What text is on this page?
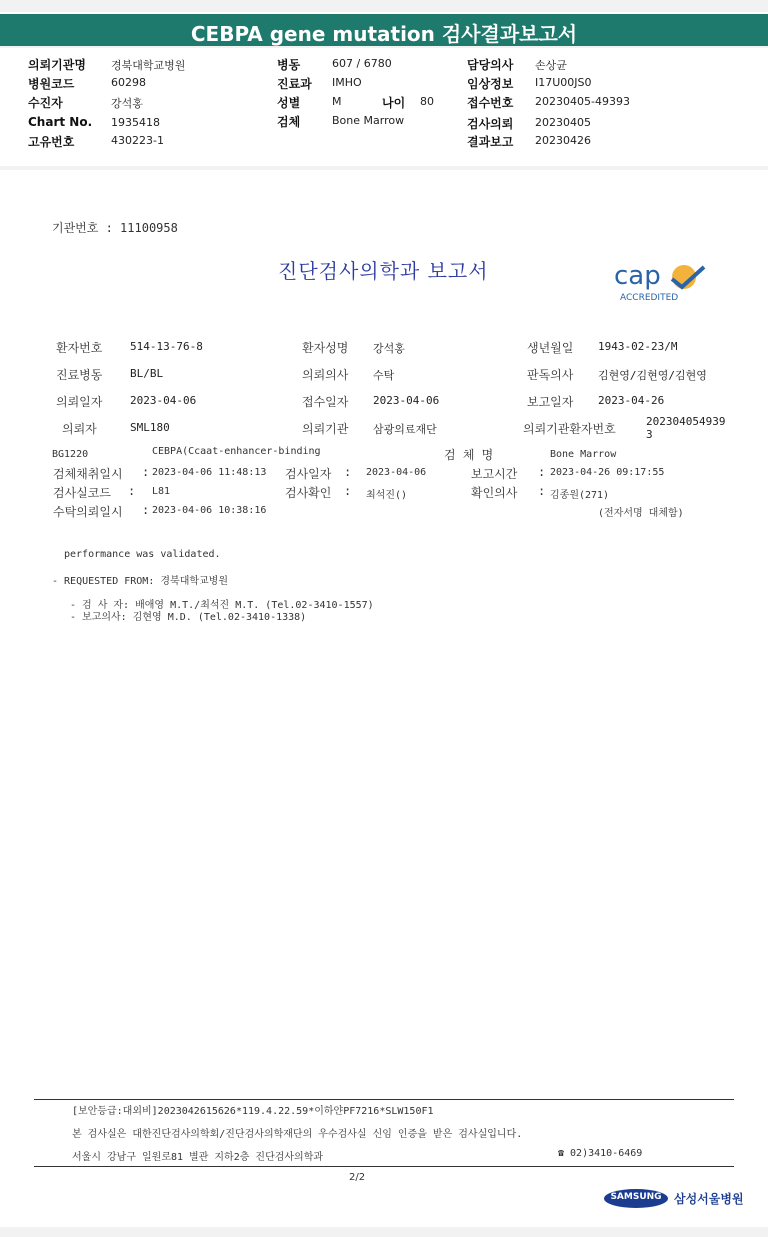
CEBPA gene mutation 검사결과보고서
의뢰기관명 경북대학교병원
병원코드	60298
수진자	강석홍
Chart No. 1935418
고유번호	430223-1
병동	607 / 6780
진료과 IMHO
성별	M	나이 80
검체	Bone Marrow
담당의사 손상균
임상정보 I17U00JS0
접수번호 20230405-49393
검사의뢰 20230405
결과보고 20230426
기관번호 : 11100958
진단검사의학과 보고서	cap
ACCREDITED
환자번호	514-13-76-8	환자성명 강석홍	생년월일 1943-02-23/M
진료병동	BL/BL	의뢰의사 수탁	판독의사 김현영/김현영/김현영
의뢰일자	2023-04-06	접수일자 2023-04-06	보고일자 2023-04-26
의뢰자	SML180	의뢰기관 삼광의료재단	의뢰기관환자번호
2023040549393
BG1220	CEBPA(Ccaat-enhancer-binding	검 체 명	Bone Marrow
검체채취일시 : 2023-04-06 11:48:13 검사일자 : 2023-04-06	보고시간 : 2023-04-26 09:17:55
검사실코드 : L81	검사확인 : 최석진()	확인의사 : 김종원(271)
수탁의뢰일시 : 2023-04-06 10:38:16	(전자서명 대체함)
performance was validated.
- REQUESTED FROM: 경북대학교병원
- 검 사 자: 배애영 M.T./최석진 M.T. (Tel.02-3410-1557)
- 보고의사: 김현영 M.D. (Tel.02-3410-1338)
[보안등급:대외비]2023042615626*119.4.22.59*이하얀PF7216*SLW150F1
본 검사실은 대한진단검사의학회/진단검사의학재단의 우수검사실 신임 인증을 받은 검사실입니다.
서울시 강남구 일원로81 별관 지하2층 진단검사의학과	☎ 02)3410-6469
2/2
SAMSUNG	삼성서울병원
